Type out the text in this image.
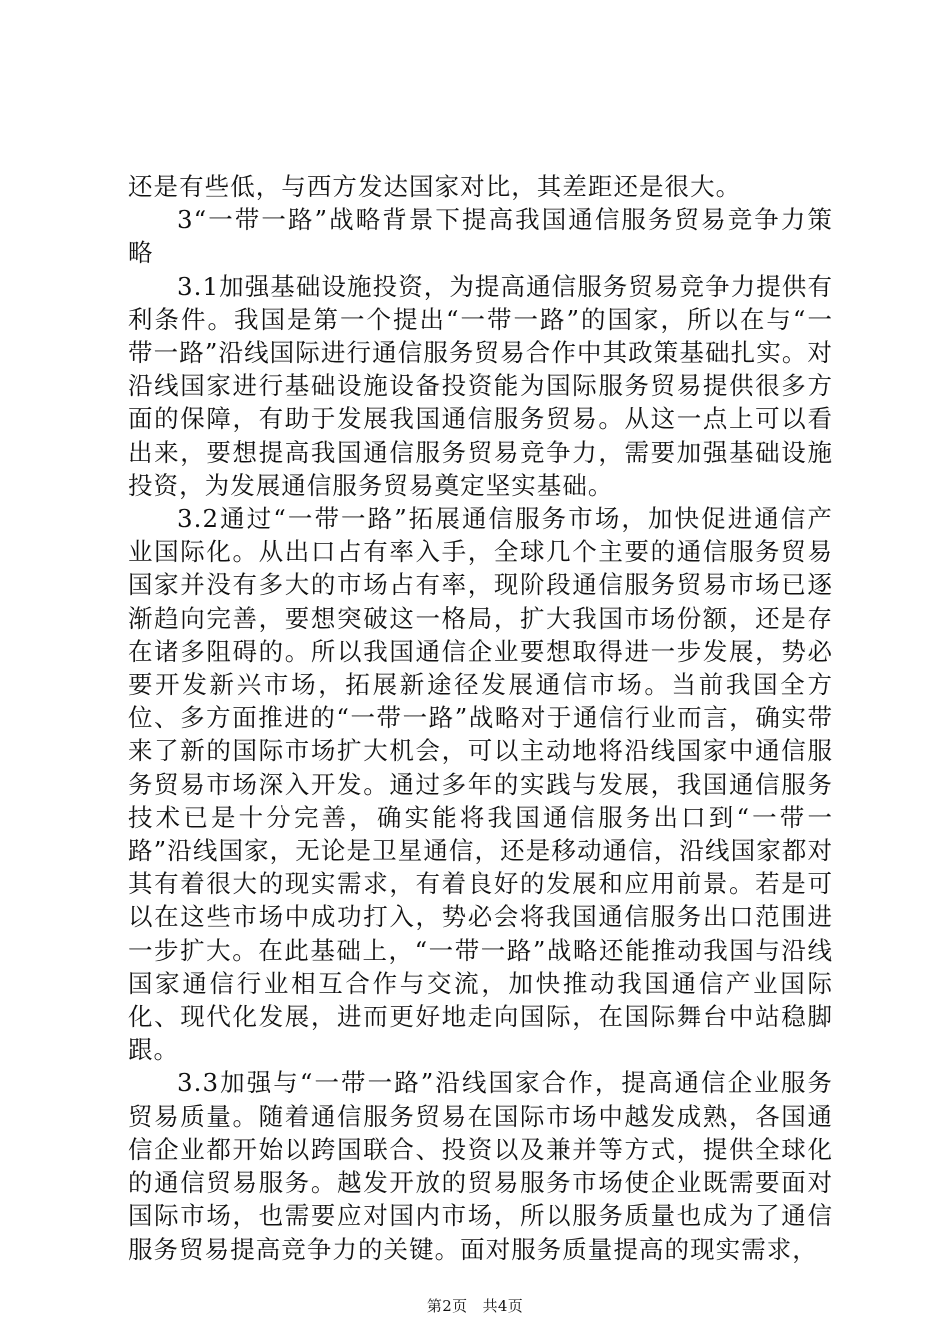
还是有些低，与西方发达国家对比，其差距还是很大。

3“一带一路”战略背景下提高我国通信服务贸易竞争力策略

3.1加强基础设施投资，为提高通信服务贸易竞争力提供有利条件。我国是第一个提出“一带一路”的国家，所以在与“一带一路”沿线国际进行通信服务贸易合作中其政策基础扎实。对沿线国家进行基础设施设备投资能为国际服务贸易提供很多方面的保障，有助于发展我国通信服务贸易。从这一点上可以看出来，要想提高我国通信服务贸易竞争力，需要加强基础设施投资，为发展通信服务贸易奠定坚实基础。

3.2通过“一带一路”拓展通信服务市场，加快促进通信产业国际化。从出口占有率入手，全球几个主要的通信服务贸易国家并没有多大的市场占有率，现阶段通信服务贸易市场已逐渐趋向完善，要想突破这一格局，扩大我国市场份额，还是存在诸多阻碍的。所以我国通信企业要想取得进一步发展，势必要开发新兴市场，拓展新途径发展通信市场。当前我国全方位、多方面推进的“一带一路”战略对于通信行业而言，确实带来了新的国际市场扩大机会，可以主动地将沿线国家中通信服务贸易市场深入开发。通过多年的实践与发展，我国通信服务技术已是十分完善，确实能将我国通信服务出口到“一带一路”沿线国家，无论是卫星通信，还是移动通信，沿线国家都对其有着很大的现实需求，有着良好的发展和应用前景。若是可以在这些市场中成功打入，势必会将我国通信服务出口范围进一步扩大。在此基础上，“一带一路”战略还能推动我国与沿线国家通信行业相互合作与交流，加快推动我国通信产业国际化、现代化发展，进而更好地走向国际，在国际舞台中站稳脚跟。

3.3加强与“一带一路”沿线国家合作，提高通信企业服务贸易质量。随着通信服务贸易在国际市场中越发成熟，各国通信企业都开始以跨国联合、投资以及兼并等方式，提供全球化的通信贸易服务。越发开放的贸易服务市场使企业既需要面对国际市场，也需要应对国内市场，所以服务质量也成为了通信服务贸易提高竞争力的关键。面对服务质量提高的现实需求，

第2页 共4页
